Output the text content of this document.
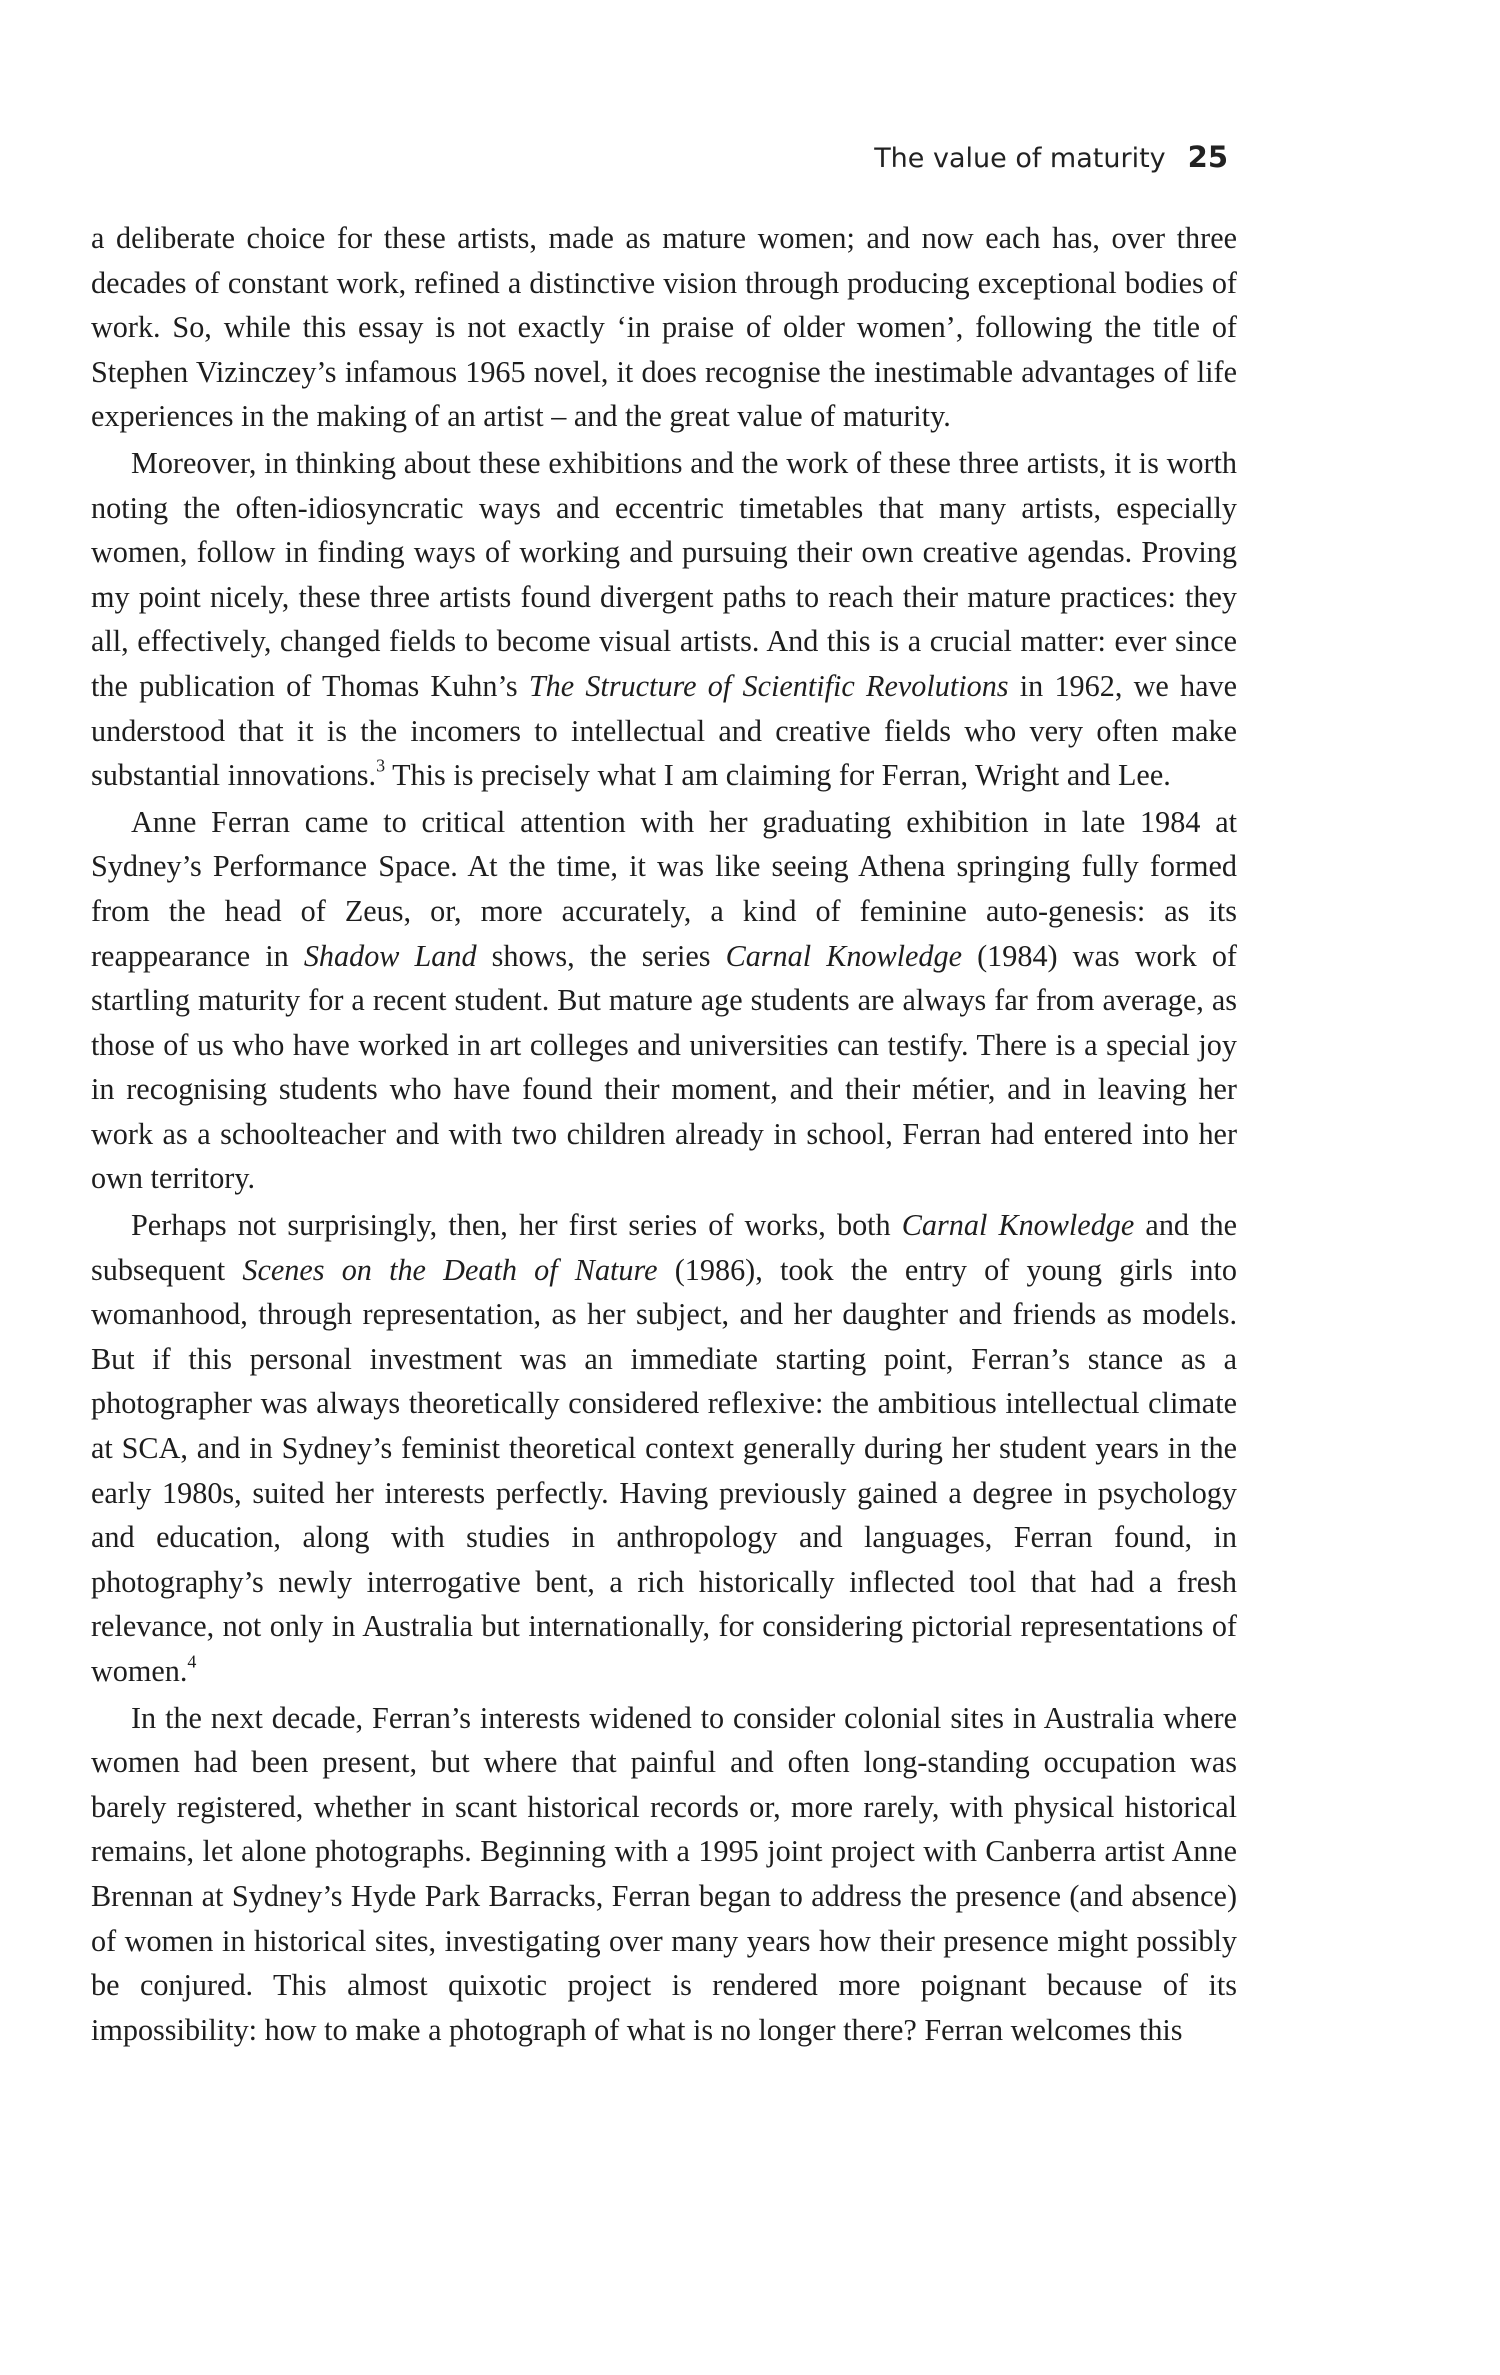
The value of maturity 25

a deliberate choice for these artists, made as mature women; and now each has, over three decades of constant work, refined a distinctive vision through producing exceptional bodies of work. So, while this essay is not exactly ‘in praise of older women’, following the title of Stephen Vizinczey’s infamous 1965 novel, it does recognise the inestimable advantages of life experiences in the making of an artist – and the great value of maturity.

Moreover, in thinking about these exhibitions and the work of these three artists, it is worth noting the often-idiosyncratic ways and eccentric timetables that many artists, especially women, follow in finding ways of working and pursuing their own creative agendas. Proving my point nicely, these three artists found divergent paths to reach their mature practices: they all, effectively, changed fields to become visual artists. And this is a crucial matter: ever since the publication of Thomas Kuhn’s The Structure of Scientific Revolutions in 1962, we have understood that it is the incomers to intellectual and creative fields who very often make substantial innovations.$^3$ This is precisely what I am claiming for Ferran, Wright and Lee.

Anne Ferran came to critical attention with her graduating exhibition in late 1984 at Sydney’s Performance Space. At the time, it was like seeing Athena springing fully formed from the head of Zeus, or, more accurately, a kind of feminine auto-genesis: as its reappearance in Shadow Land shows, the series Carnal Knowledge (1984) was work of startling maturity for a recent student. But mature age students are always far from average, as those of us who have worked in art colleges and universities can testify. There is a special joy in recognising students who have found their moment, and their métier, and in leaving her work as a schoolteacher and with two children already in school, Ferran had entered into her own territory.

Perhaps not surprisingly, then, her first series of works, both Carnal Knowledge and the subsequent Scenes on the Death of Nature (1986), took the entry of young girls into womanhood, through representation, as her subject, and her daughter and friends as models. But if this personal investment was an immediate starting point, Ferran’s stance as a photographer was always theoretically considered reflexive: the ambitious intellectual climate at SCA, and in Sydney’s feminist theoretical context generally during her student years in the early 1980s, suited her interests perfectly. Having previously gained a degree in psychology and education, along with studies in anthropology and languages, Ferran found, in photography’s newly interrogative bent, a rich historically inflected tool that had a fresh relevance, not only in Australia but internationally, for considering pictorial representations of women.$^4$

In the next decade, Ferran’s interests widened to consider colonial sites in Australia where women had been present, but where that painful and often long-standing occupation was barely registered, whether in scant historical records or, more rarely, with physical historical remains, let alone photographs. Beginning with a 1995 joint project with Canberra artist Anne Brennan at Sydney’s Hyde Park Barracks, Ferran began to address the presence (and absence) of women in historical sites, investigating over many years how their presence might possibly be conjured. This almost quixotic project is rendered more poignant because of its impossibility: how to make a photograph of what is no longer there? Ferran welcomes this
